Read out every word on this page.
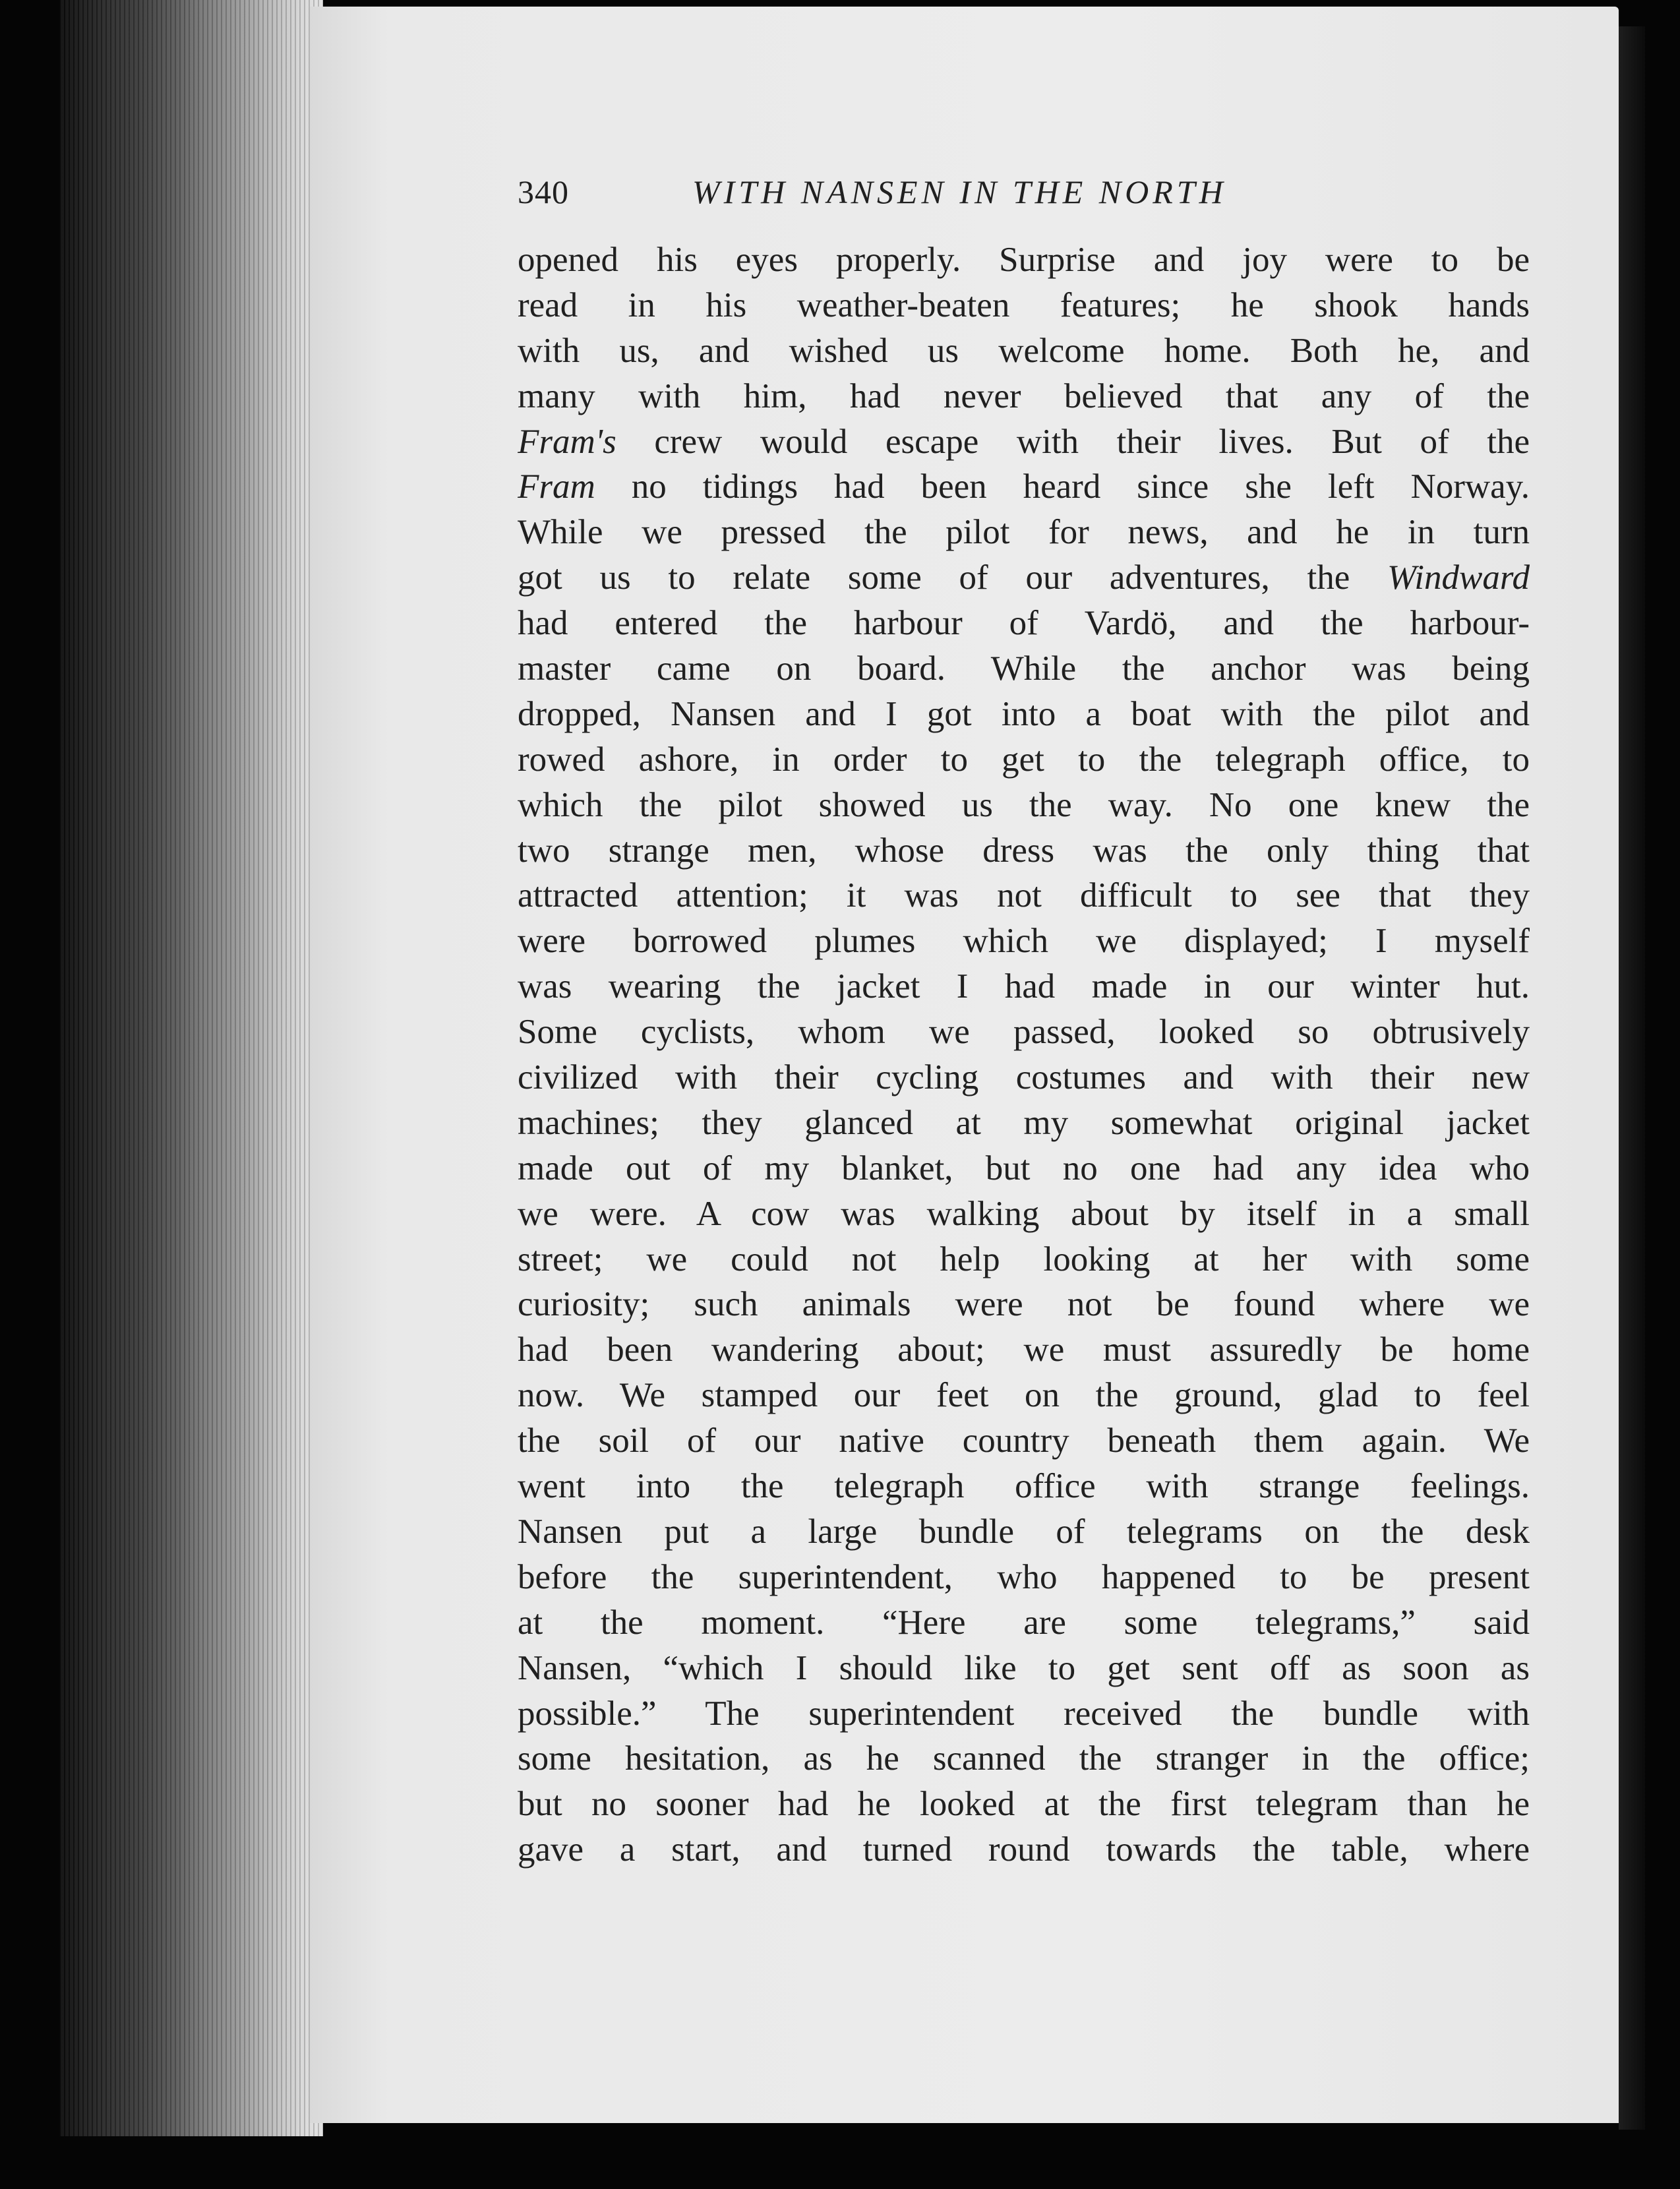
340	WITH NANSEN IN THE NORTH
opened his eyes properly. Surprise and joy were to be
read in his weather-beaten features; he shook hands
with us, and wished us welcome home. Both he, and
many with him, had never believed that any of the
Fram's crew would escape with their lives. But of the
Fram no tidings had been heard since she left Norway.
While we pressed the pilot for news, and he in turn
got us to relate some of our adventures, the Windward
had entered the harbour of Vardö, and the harbour-
master came on board. While the anchor was being
dropped, Nansen and I got into a boat with the pilot and
rowed ashore, in order to get to the telegraph office, to
which the pilot showed us the way. No one knew the
two strange men, whose dress was the only thing that
attracted attention; it was not difficult to see that they
were borrowed plumes which we displayed; I myself
was wearing the jacket I had made in our winter hut.
Some cyclists, whom we passed, looked so obtrusively
civilized with their cycling costumes and with their new
machines; they glanced at my somewhat original jacket
made out of my blanket, but no one had any idea who
we were. A cow was walking about by itself in a small
street; we could not help looking at her with some
curiosity; such animals were not be found where we
had been wandering about; we must assuredly be home
now. We stamped our feet on the ground, glad to feel
the soil of our native country beneath them again. We
went into the telegraph office with strange feelings.
Nansen put a large bundle of telegrams on the desk
before the superintendent, who happened to be present
at the moment. “Here are some telegrams,” said
Nansen, “which I should like to get sent off as soon as
possible.” The superintendent received the bundle with
some hesitation, as he scanned the stranger in the office;
but no sooner had he looked at the first telegram than he
gave a start, and turned round towards the table, where
